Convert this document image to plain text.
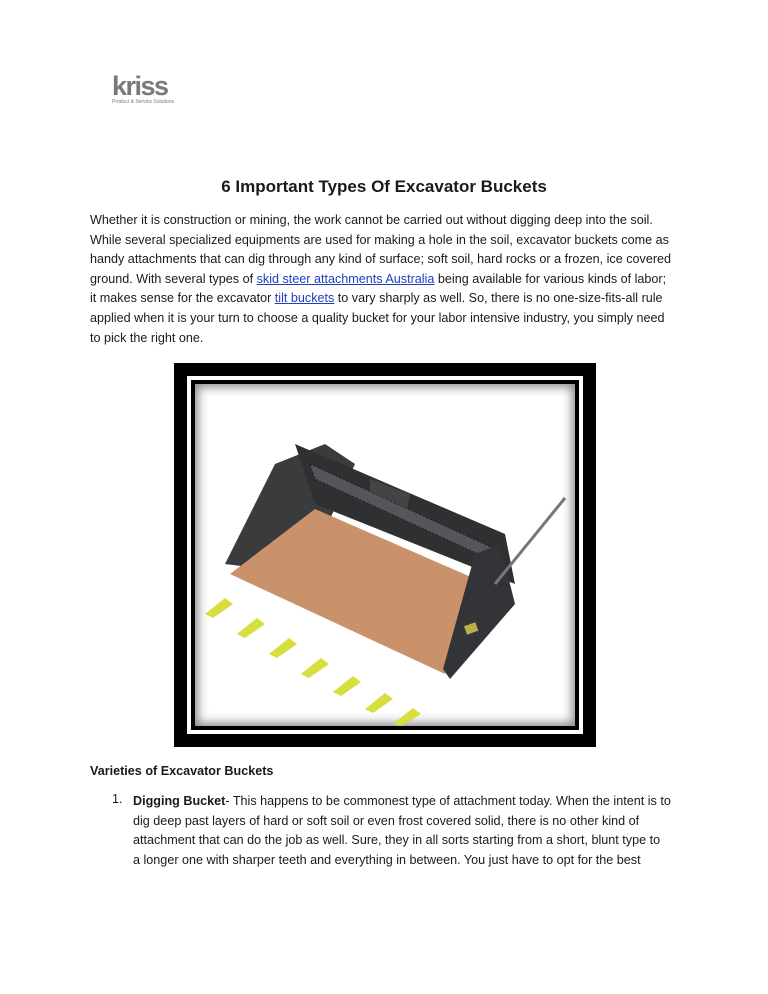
kriss
Product & Service Solutions
6 Important Types Of Excavator Buckets
Whether it is construction or mining, the work cannot be carried out without digging deep into the soil.
While several specialized equipments are used for making a hole in the soil, excavator buckets come as
handy attachments that can dig through any kind of surface; soft soil, hard rocks or a frozen, ice covered
ground. With several types of skid steer attachments Australia being available for various kinds of labor;
it makes sense for the excavator tilt buckets to vary sharply as well. So, there is no one-size-fits-all rule
applied when it is your turn to choose a quality bucket for your labor intensive industry, you simply need
to pick the right one.
Varieties of Excavator Buckets
1. Digging Bucket- This happens to be commonest type of attachment today. When the intent is to
dig deep past layers of hard or soft soil or even frost covered solid, there is no other kind of
attachment that can do the job as well. Sure, they in all sorts starting from a short, blunt type to
a longer one with sharper teeth and everything in between. You just have to opt for the best
